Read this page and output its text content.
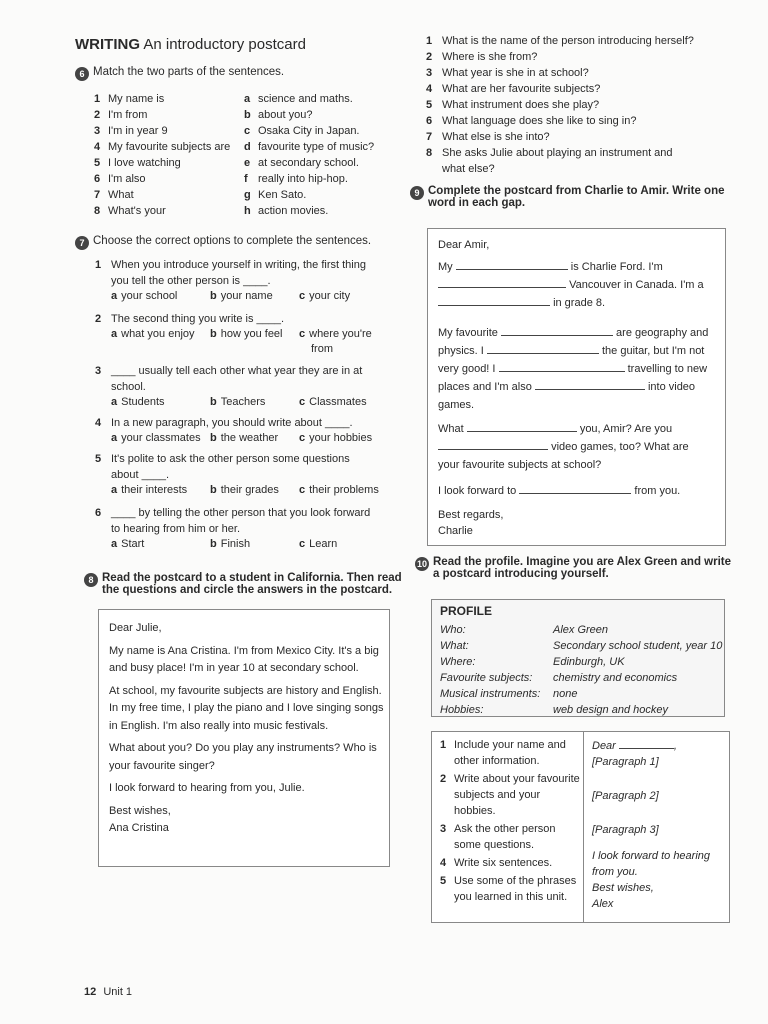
WRITING An introductory postcard
6 Match the two parts of the sentences.
1 My name is	a science and maths.
2 I'm from	b about you?
3 I'm in year 9	c Osaka City in Japan.
4 My favourite subjects are d favourite type of music?
5 I love watching	e at secondary school.
6 I'm also	f really into hip-hop.
7 What	g Ken Sato.
8 What's your	h action movies.
7 Choose the correct options to complete the sentences.
1 When you introduce yourself in writing, the first thing
you tell the other person is ____.
a your school	b your name c your city
2 The second thing you write is ____.
a what you enjoy b how you feel c where you're
from
3 ____ usually tell each other what year they are in at
school.
a Students	b Teachers	c Classmates
4 In a new paragraph, you should write about ____.
a your classmates b the weather c your hobbies
5 It's polite to ask the other person some questions
about ____.
a their interests b their grades c their problems
6 ____ by telling the other person that you look forward
to hearing from him or her.
a Start	b Finish	c Learn
8 Read the postcard to a student in California. Then read
the questions and circle the answers in the postcard.
Dear Julie,
My name is Ana Cristina. I'm from Mexico City. It's a big and busy place! I'm in year 10 at secondary school.
At school, my favourite subjects are history and English. In my free time, I play the piano and I love singing songs in English. I'm also really into music festivals.
What about you? Do you play any instruments? Who is your favourite singer?
I look forward to hearing from you, Julie.
Best wishes,
Ana Cristina
1 What is the name of the person introducing herself?
2 Where is she from?
3 What year is she in at school?
4 What are her favourite subjects?
5 What instrument does she play?
6 What language does she like to sing in?
7 What else is she into?
8 She asks Julie about playing an instrument and
what else?
9 Complete the postcard from Charlie to Amir. Write one
word in each gap.
Dear Amir,
My	is Charlie Ford. I'm
Vancouver in Canada. I'm a
in grade 8.
My favourite	are geography and
physics. I	the guitar, but I'm not
very good! I	travelling to new
places and I'm also	into video
games.
What	you, Amir? Are you
video games, too? What are
your favourite subjects at school?
I look forward to	from you.
Best regards,
Charlie
10 Read the profile. Imagine you are Alex Green and write
a postcard introducing yourself.
PROFILE
Who:	Alex Green
What:	Secondary school student, year 10
Where:	Edinburgh, UK
Favourite subjects: chemistry and economics
Musical instruments: none
Hobbies:	web design and hockey
1 Include your name and
other information.
2 Write about your favourite
subjects and your hobbies.
3 Ask the other person
some questions.
4 Write six sentences.
5 Use some of the phrases
you learned in this unit.
Dear	,
[Paragraph 1]
[Paragraph 2]
[Paragraph 3]
I look forward to hearing
from you.
Best wishes,
Alex
12 Unit 1
